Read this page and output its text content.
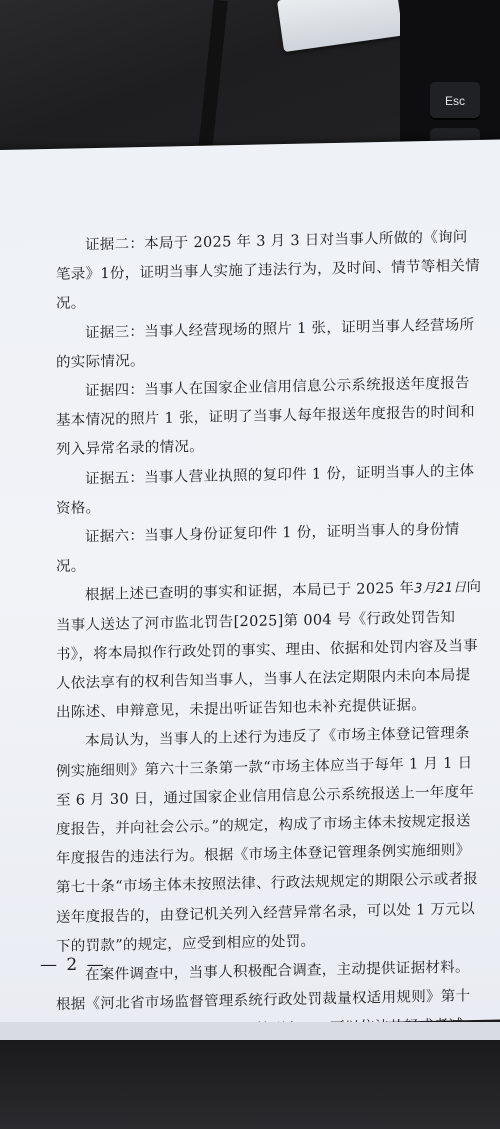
Esc

证据二：本局于 2025 年 3 月 3 日对当事人所做的《询问笔录》1份，证明当事人实施了违法行为，及时间、情节等相关情况。

证据三：当事人经营现场的照片 1 张，证明当事人经营场所的实际情况。

证据四：当事人在国家企业信用信息公示系统报送年度报告基本情况的照片 1 张，证明了当事人每年报送年度报告的时间和列入异常名录的情况。

证据五：当事人营业执照的复印件 1 份，证明当事人的主体资格。

证据六：当事人身份证复印件 1 份，证明当事人的身份情况。

根据上述已查明的事实和证据，本局已于 2025 年3月21日向当事人送达了河市监北罚告[2025]第 004 号《行政处罚告知书》，将本局拟作行政处罚的事实、理由、依据和处罚内容及当事人依法享有的权利告知当事人，当事人在法定期限内未向本局提出陈述、申辩意见，未提出听证告知也未补充提供证据。

本局认为，当事人的上述行为违反了《市场主体登记管理条例实施细则》第六十三条第一款“市场主体应当于每年 1 月 1 日至 6 月 30 日，通过国家企业信用信息公示系统报送上一年度年度报告，并向社会公示。”的规定，构成了市场主体未按规定报送年度报告的违法行为。根据《市场主体登记管理条例实施细则》第七十条“市场主体未按照法律、行政法规规定的期限公示或者报送年度报告的，由登记机关列入经营异常名录，可以处 1 万元以下的罚款”的规定，应受到相应的处罚。

在案件调查中，当事人积极配合调查，主动提供证据材料。

根据《河北省市场监督管理系统行政处罚裁量权适用规则》第十五条第（二）项“当事人有下列情形之一，可以依法从轻或者减

— 2 —
